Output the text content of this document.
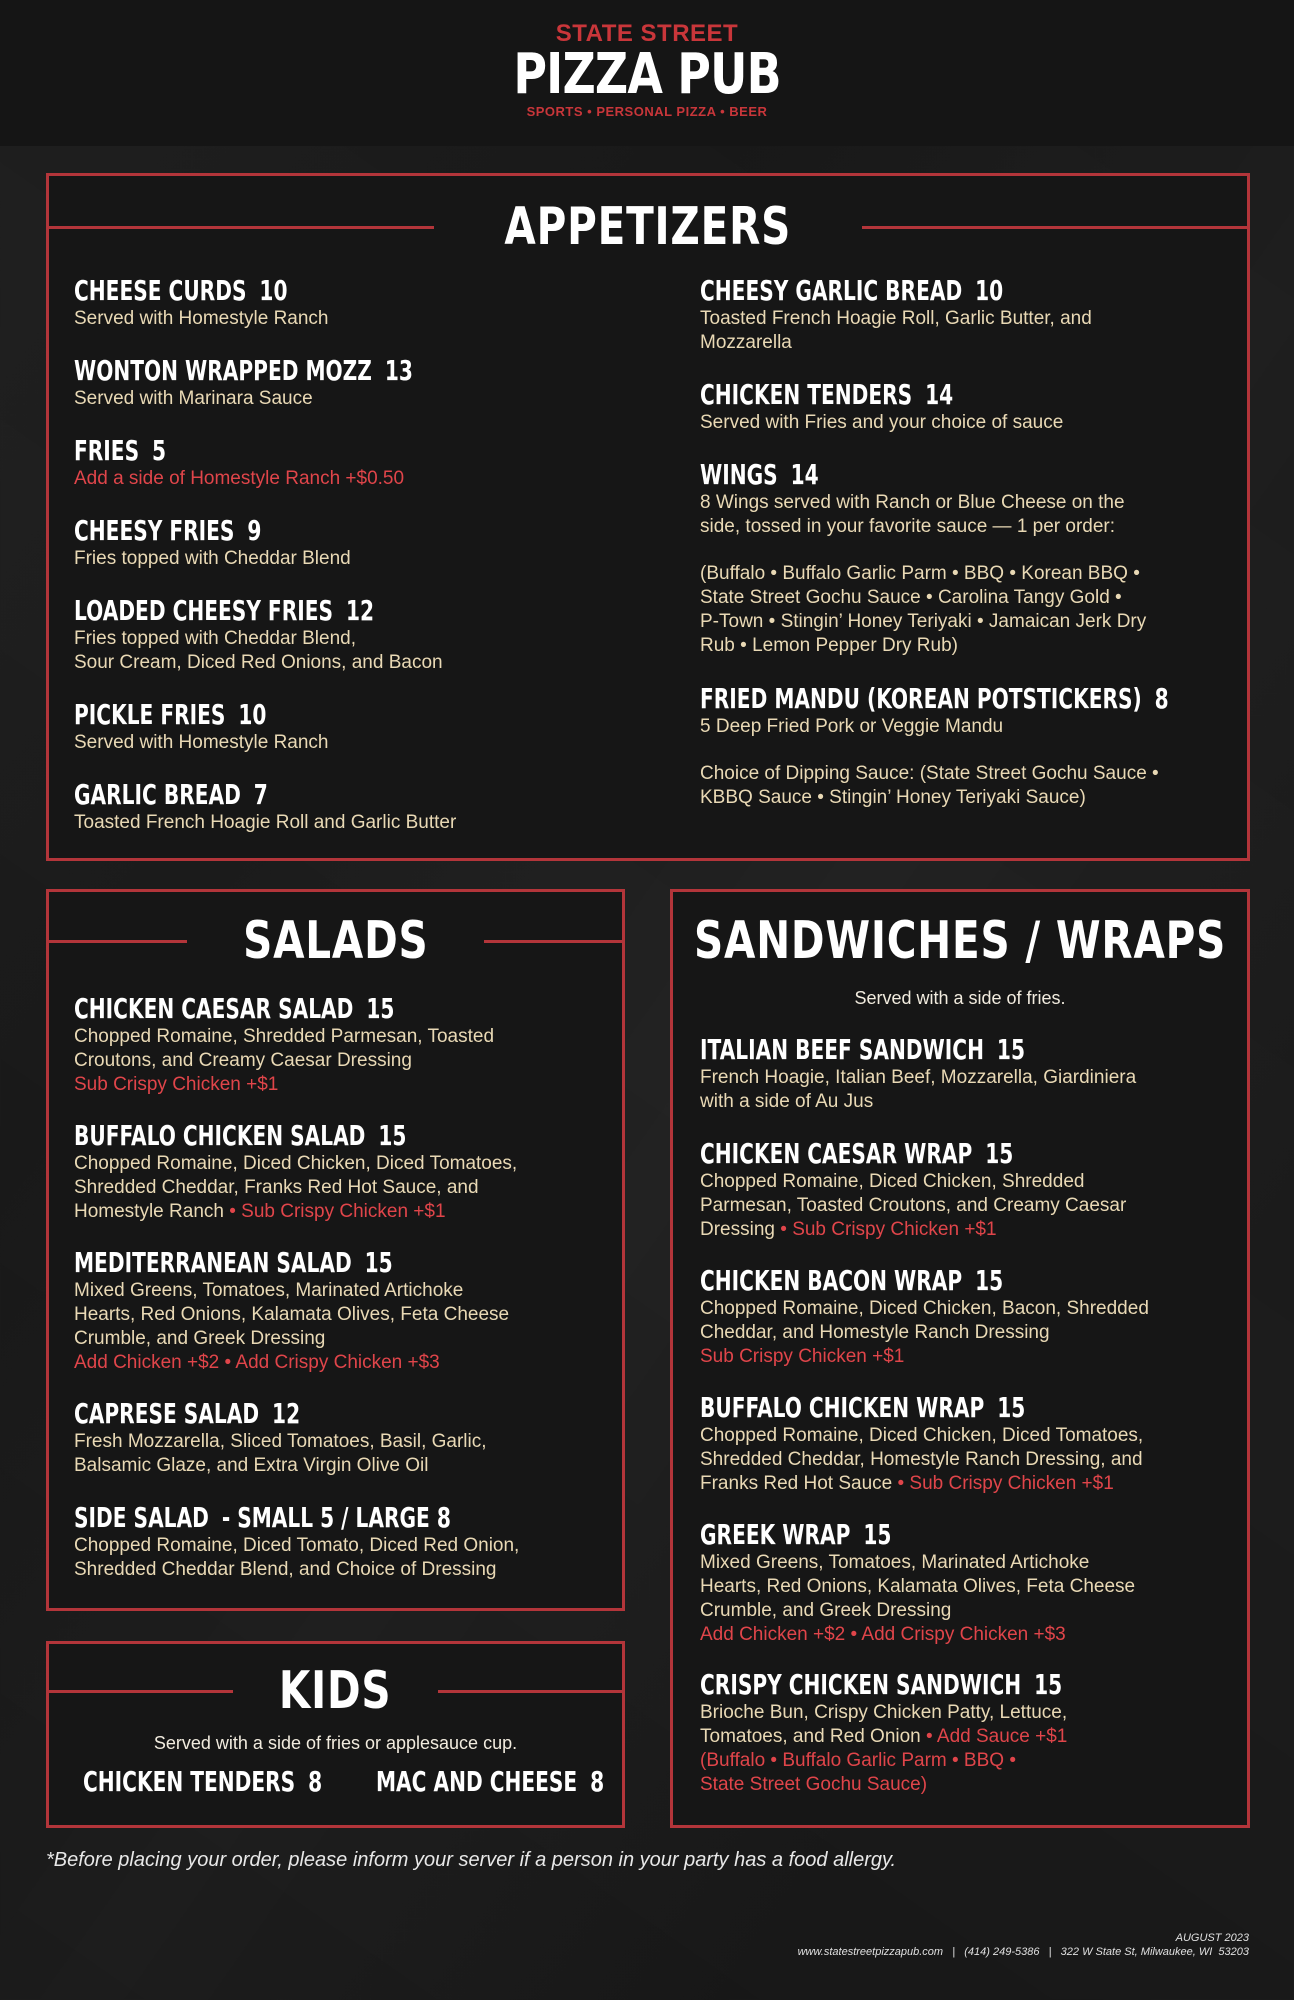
STATE STREET
PIZZA PUB
SPORTS • PERSONAL PIZZA • BEER
APPETIZERS
CHEESE CURDS 10
Served with Homestyle Ranch
WONTON WRAPPED MOZZ 13
Served with Marinara Sauce
FRIES 5
Add a side of Homestyle Ranch +$0.50
CHEESY FRIES 9
Fries topped with Cheddar Blend
LOADED CHEESY FRIES 12
Fries topped with Cheddar Blend,
Sour Cream, Diced Red Onions, and Bacon
PICKLE FRIES 10
Served with Homestyle Ranch
GARLIC BREAD 7
Toasted French Hoagie Roll and Garlic Butter
CHEESY GARLIC BREAD 10
Toasted French Hoagie Roll, Garlic Butter, and
Mozzarella
CHICKEN TENDERS 14
Served with Fries and your choice of sauce
WINGS 14
8 Wings served with Ranch or Blue Cheese on the
side, tossed in your favorite sauce — 1 per order:
(Buffalo • Buffalo Garlic Parm • BBQ • Korean BBQ •
State Street Gochu Sauce • Carolina Tangy Gold •
P-Town • Stingin’ Honey Teriyaki • Jamaican Jerk Dry
Rub • Lemon Pepper Dry Rub)
FRIED MANDU (KOREAN POTSTICKERS) 8
5 Deep Fried Pork or Veggie Mandu
Choice of Dipping Sauce: (State Street Gochu Sauce •
KBBQ Sauce • Stingin’ Honey Teriyaki Sauce)
SALADS
CHICKEN CAESAR SALAD 15
Chopped Romaine, Shredded Parmesan, Toasted
Croutons, and Creamy Caesar Dressing
Sub Crispy Chicken +$1
BUFFALO CHICKEN SALAD 15
Chopped Romaine, Diced Chicken, Diced Tomatoes,
Shredded Cheddar, Franks Red Hot Sauce, and
Homestyle Ranch • Sub Crispy Chicken +$1
MEDITERRANEAN SALAD 15
Mixed Greens, Tomatoes, Marinated Artichoke
Hearts, Red Onions, Kalamata Olives, Feta Cheese
Crumble, and Greek Dressing
Add Chicken +$2 • Add Crispy Chicken +$3
CAPRESE SALAD 12
Fresh Mozzarella, Sliced Tomatoes, Basil, Garlic,
Balsamic Glaze, and Extra Virgin Olive Oil
SIDE SALAD - SMALL 5 / LARGE 8
Chopped Romaine, Diced Tomato, Diced Red Onion,
Shredded Cheddar Blend, and Choice of Dressing
KIDS
Served with a side of fries or applesauce cup.
CHICKEN TENDERS 8 MAC AND CHEESE 8
SANDWICHES / WRAPS
Served with a side of fries.
ITALIAN BEEF SANDWICH 15
French Hoagie, Italian Beef, Mozzarella, Giardiniera
with a side of Au Jus
CHICKEN CAESAR WRAP 15
Chopped Romaine, Diced Chicken, Shredded
Parmesan, Toasted Croutons, and Creamy Caesar
Dressing • Sub Crispy Chicken +$1
CHICKEN BACON WRAP 15
Chopped Romaine, Diced Chicken, Bacon, Shredded
Cheddar, and Homestyle Ranch Dressing
Sub Crispy Chicken +$1
BUFFALO CHICKEN WRAP 15
Chopped Romaine, Diced Chicken, Diced Tomatoes,
Shredded Cheddar, Homestyle Ranch Dressing, and
Franks Red Hot Sauce • Sub Crispy Chicken +$1
GREEK WRAP 15
Mixed Greens, Tomatoes, Marinated Artichoke
Hearts, Red Onions, Kalamata Olives, Feta Cheese
Crumble, and Greek Dressing
Add Chicken +$2 • Add Crispy Chicken +$3
CRISPY CHICKEN SANDWICH 15
Brioche Bun, Crispy Chicken Patty, Lettuce,
Tomatoes, and Red Onion • Add Sauce +$1
(Buffalo • Buffalo Garlic Parm • BBQ •
State Street Gochu Sauce)
*Before placing your order, please inform your server if a person in your party has a food allergy.
AUGUST 2023
www.statestreetpizzapub.com   |   (414) 249-5386   |   322 W State St, Milwaukee, WI  53203
